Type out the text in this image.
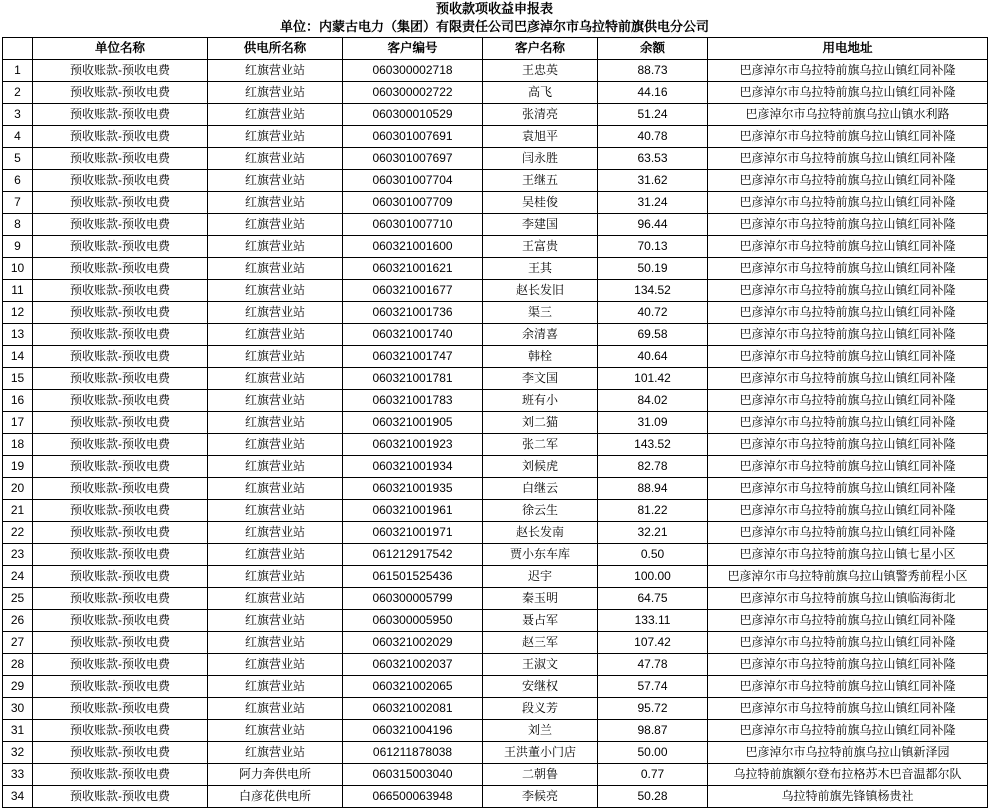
预收款项收益申报表
单位：内蒙古电力（集团）有限责任公司巴彦淖尔市乌拉特前旗供电分公司
	单位名称	供电所名称	客户编号	客户名称	余额	用电地址
1	预收账款-预收电费	红旗营业站	060300002718	王忠英	88.73	巴彦淖尔市乌拉特前旗乌拉山镇红同补隆
2	预收账款-预收电费	红旗营业站	060300002722	高飞	44.16	巴彦淖尔市乌拉特前旗乌拉山镇红同补隆
3	预收账款-预收电费	红旗营业站	060300010529	张清亮	51.24	巴彦淖尔市乌拉特前旗乌拉山镇水利路
4	预收账款-预收电费	红旗营业站	060301007691	袁旭平	40.78	巴彦淖尔市乌拉特前旗乌拉山镇红同补隆
5	预收账款-预收电费	红旗营业站	060301007697	闫永胜	63.53	巴彦淖尔市乌拉特前旗乌拉山镇红同补隆
6	预收账款-预收电费	红旗营业站	060301007704	王继五	31.62	巴彦淖尔市乌拉特前旗乌拉山镇红同补隆
7	预收账款-预收电费	红旗营业站	060301007709	吴桂俊	31.24	巴彦淖尔市乌拉特前旗乌拉山镇红同补隆
8	预收账款-预收电费	红旗营业站	060301007710	李建国	96.44	巴彦淖尔市乌拉特前旗乌拉山镇红同补隆
9	预收账款-预收电费	红旗营业站	060321001600	王富贵	70.13	巴彦淖尔市乌拉特前旗乌拉山镇红同补隆
10	预收账款-预收电费	红旗营业站	060321001621	王其	50.19	巴彦淖尔市乌拉特前旗乌拉山镇红同补隆
11	预收账款-预收电费	红旗营业站	060321001677	赵长发旧	134.52	巴彦淖尔市乌拉特前旗乌拉山镇红同补隆
12	预收账款-预收电费	红旗营业站	060321001736	渠三	40.72	巴彦淖尔市乌拉特前旗乌拉山镇红同补隆
13	预收账款-预收电费	红旗营业站	060321001740	余清喜	69.58	巴彦淖尔市乌拉特前旗乌拉山镇红同补隆
14	预收账款-预收电费	红旗营业站	060321001747	韩栓	40.64	巴彦淖尔市乌拉特前旗乌拉山镇红同补隆
15	预收账款-预收电费	红旗营业站	060321001781	李文国	101.42	巴彦淖尔市乌拉特前旗乌拉山镇红同补隆
16	预收账款-预收电费	红旗营业站	060321001783	班有小	84.02	巴彦淖尔市乌拉特前旗乌拉山镇红同补隆
17	预收账款-预收电费	红旗营业站	060321001905	刘二猫	31.09	巴彦淖尔市乌拉特前旗乌拉山镇红同补隆
18	预收账款-预收电费	红旗营业站	060321001923	张二军	143.52	巴彦淖尔市乌拉特前旗乌拉山镇红同补隆
19	预收账款-预收电费	红旗营业站	060321001934	刘候虎	82.78	巴彦淖尔市乌拉特前旗乌拉山镇红同补隆
20	预收账款-预收电费	红旗营业站	060321001935	白继云	88.94	巴彦淖尔市乌拉特前旗乌拉山镇红同补隆
21	预收账款-预收电费	红旗营业站	060321001961	徐云生	81.22	巴彦淖尔市乌拉特前旗乌拉山镇红同补隆
22	预收账款-预收电费	红旗营业站	060321001971	赵长发南	32.21	巴彦淖尔市乌拉特前旗乌拉山镇红同补隆
23	预收账款-预收电费	红旗营业站	061212917542	贾小东车库	0.50	巴彦淖尔市乌拉特前旗乌拉山镇七星小区
24	预收账款-预收电费	红旗营业站	061501525436	迟宇	100.00	巴彦淖尔市乌拉特前旗乌拉山镇警秀前程小区
25	预收账款-预收电费	红旗营业站	060300005799	秦玉明	64.75	巴彦淖尔市乌拉特前旗乌拉山镇临海街北
26	预收账款-预收电费	红旗营业站	060300005950	聂占军	133.11	巴彦淖尔市乌拉特前旗乌拉山镇红同补隆
27	预收账款-预收电费	红旗营业站	060321002029	赵三军	107.42	巴彦淖尔市乌拉特前旗乌拉山镇红同补隆
28	预收账款-预收电费	红旗营业站	060321002037	王淑文	47.78	巴彦淖尔市乌拉特前旗乌拉山镇红同补隆
29	预收账款-预收电费	红旗营业站	060321002065	安继权	57.74	巴彦淖尔市乌拉特前旗乌拉山镇红同补隆
30	预收账款-预收电费	红旗营业站	060321002081	段义芳	95.72	巴彦淖尔市乌拉特前旗乌拉山镇红同补隆
31	预收账款-预收电费	红旗营业站	060321004196	刘兰	98.87	巴彦淖尔市乌拉特前旗乌拉山镇红同补隆
32	预收账款-预收电费	红旗营业站	061211878038	王洪董小门店	50.00	巴彦淖尔市乌拉特前旗乌拉山镇新泽园
33	预收账款-预收电费	阿力奔供电所	060315003040	二朝鲁	0.77	乌拉特前旗额尔登布拉格苏木巴音温都尔队
34	预收账款-预收电费	白彦花供电所	066500063948	李候亮	50.28	乌拉特前旗先锋镇杨贵社
